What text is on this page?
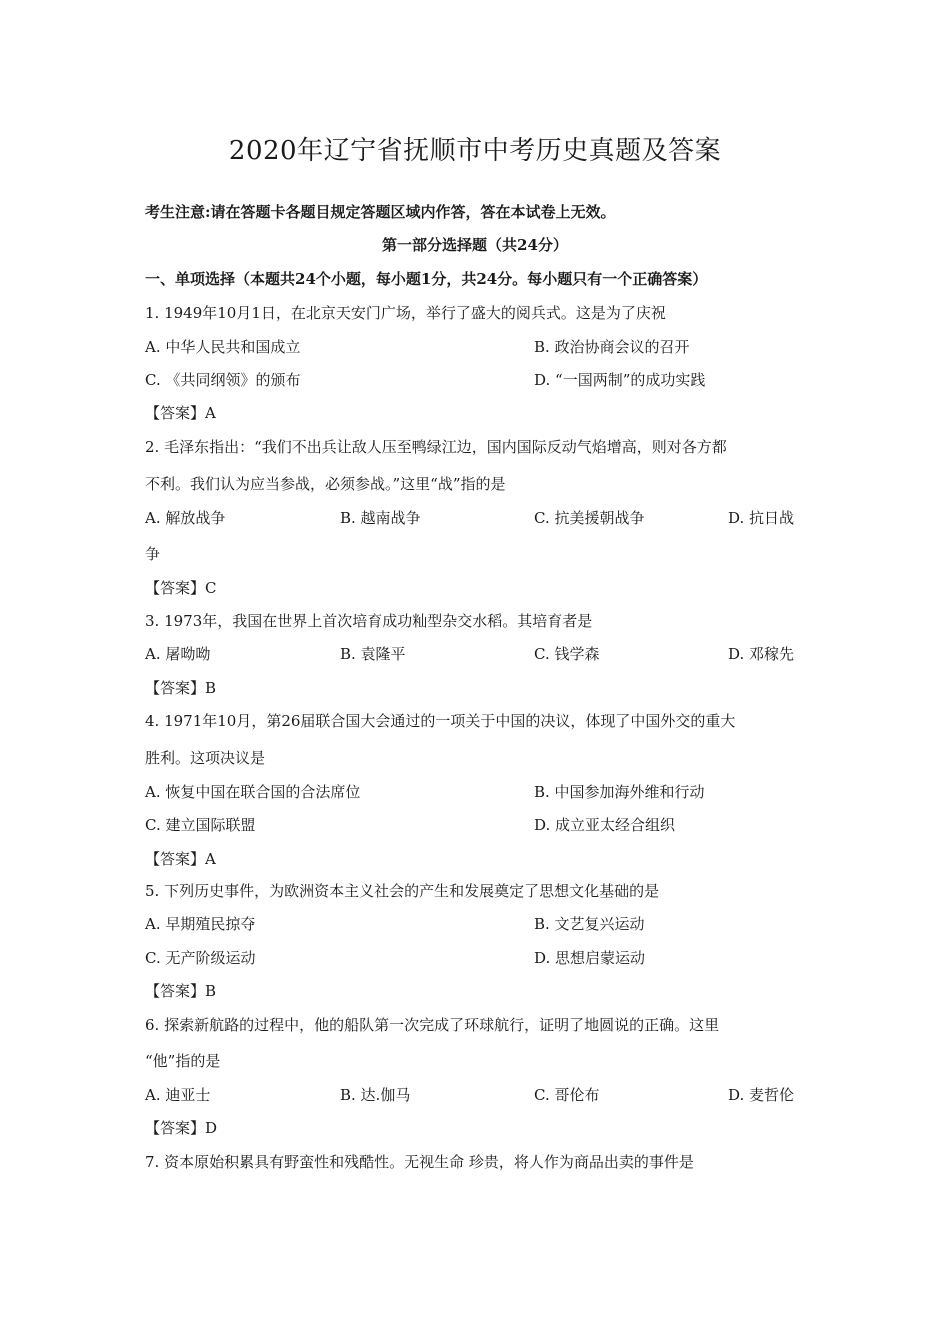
2020年辽宁省抚顺市中考历史真题及答案
考生注意:请在答题卡各题目规定答题区域内作答，答在本试卷上无效。
第一部分选择题（共24分）
一、单项选择（本题共24个小题，每小题1分，共24分。每小题只有一个正确答案）
1. 1949年10月1日，在北京天安门广场，举行了盛大的阅兵式。这是为了庆祝
A. 中华人民共和国成立	B. 政治协商会议的召开
C. 《共同纲领》的颁布	D. “一国两制”的成功实践
【答案】A
2. 毛泽东指出：“我们不出兵让敌人压至鸭绿江边，国内国际反动气焰增高，则对各方都
不利。我们认为应当参战，必须参战。”这里“战”指的是
A. 解放战争	B. 越南战争	C. 抗美援朝战争	D. 抗日战
争
【答案】C
3. 1973年，我国在世界上首次培育成功籼型杂交水稻。其培育者是
A. 屠呦呦	B. 袁隆平	C. 钱学森	D. 邓稼先
【答案】B
4. 1971年10月，第26届联合国大会通过的一项关于中国的决议，体现了中国外交的重大
胜利。这项决议是
A. 恢复中国在联合国的合法席位	B. 中国参加海外维和行动
C. 建立国际联盟	D. 成立亚太经合组织
【答案】A
5. 下列历史事件，为欧洲资本主义社会的产生和发展奠定了思想文化基础的是
A. 早期殖民掠夺	B. 文艺复兴运动
C. 无产阶级运动	D. 思想启蒙运动
【答案】B
6. 探索新航路的过程中，他的船队第一次完成了环球航行，证明了地圆说的正确。这里
“他”指的是
A. 迪亚士	B. 达.伽马	C. 哥伦布	D. 麦哲伦
【答案】D
7. 资本原始积累具有野蛮性和残酷性。无视生命 珍贵，将人作为商品出卖的事件是
